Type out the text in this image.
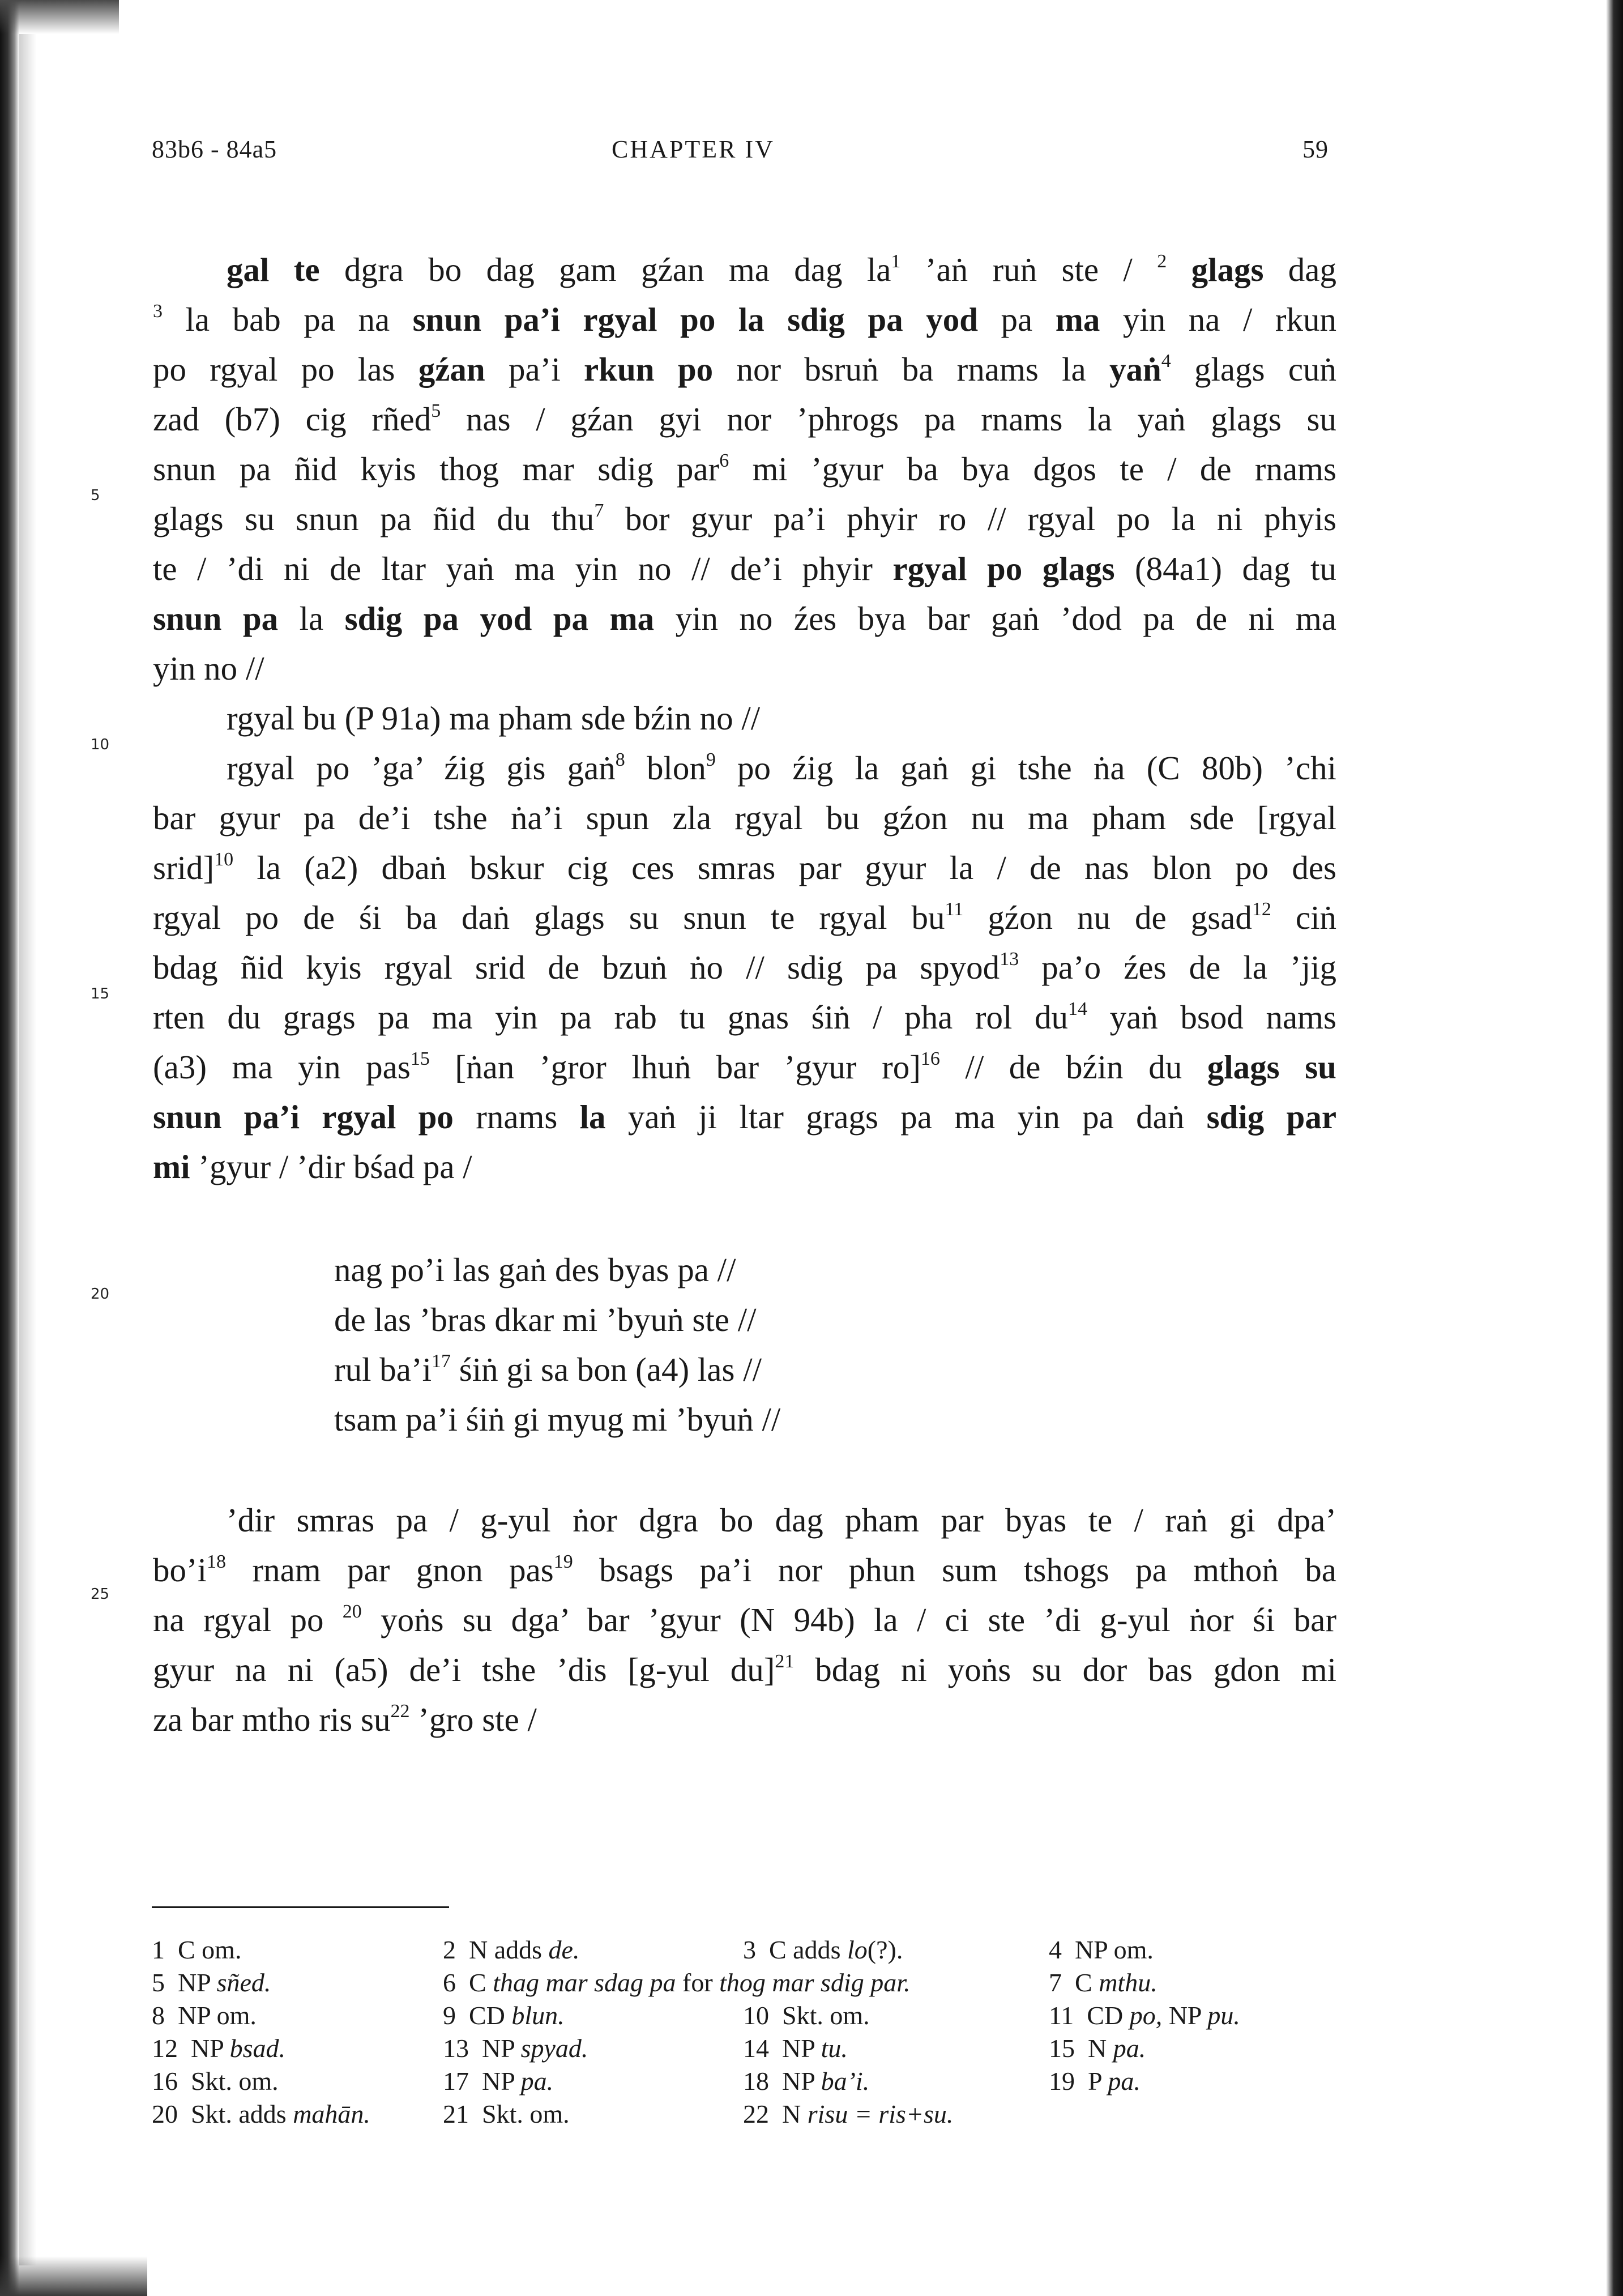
83b6 - 84a5	CHAPTER IV	59
5
10
15
20
25
gal te dgra bo dag gam gźan ma dag $la^1$ ’aṅ ruṅ ste / $^2$ glags dag
$^3$ la bab pa na snun pa’i rgyal po la sdig pa yod pa ma yin na / rkun
po rgyal po las gźan pa’i rkun po nor bsruṅ ba rnams la yaṅ$^4$ glags cuṅ
zad (b7) cig rñed$^5$ nas / gźan gyi nor ’phrogs pa rnams la yaṅ glags su
snun pa ñid kyis thog mar sdig par$^6$ mi ’gyur ba bya dgos te / de rnams
glags su snun pa ñid du thu$^7$ bor gyur pa’i phyir ro // rgyal po la ni phyis
te / ’di ni de ltar yaṅ ma yin no // de’i phyir rgyal po glags (84a1) dag tu
snun pa la sdig pa yod pa ma yin no źes bya bar gaṅ ’dod pa de ni ma
yin no //
rgyal bu (P 91a) ma pham sde bźin no //
rgyal po ’ga’ źig gis gaṅ$^8$ blon$^9$ po źig la gaṅ gi tshe ṅa (C 80b) ’chi
bar gyur pa de’i tshe ṅa’i spun zla rgyal bu gźon nu ma pham sde [rgyal
srid]$^{10}$ la (a2) dbaṅ bskur cig ces smras par gyur la / de nas blon po des
rgyal po de śi ba daṅ glags su snun te rgyal $bu^{11}$ gźon nu de gsad$^{12}$ ciṅ
bdag ñid kyis rgyal srid de bzuṅ ṅo // sdig pa spyod$^{13}$ pa’o źes de la ’jig
rten du grags pa ma yin pa rab tu gnas śiṅ / pha rol $du^{14}$ yaṅ bsod nams
(a3) ma yin pas$^{15}$ [ṅan ’gror lhuṅ bar ’gyur ro]$^{16}$ // de bźin du glags su
snun pa’i rgyal po rnams la yaṅ ji ltar grags pa ma yin pa daṅ sdig par
mi ’gyur / ’dir bśad pa /
nag po’i las gaṅ des byas pa //
de las ’bras dkar mi ’byuṅ ste //
rul $ba’i^{17}$ śiṅ gi sa bon (a4) las //
tsam pa’i śiṅ gi myug mi ’byuṅ //
’dir smras pa / g-yul ṅor dgra bo dag pham par byas te / raṅ gi dpa’
$bo’i^{18}$ rnam par gnon pas$^{19}$ bsags pa’i nor phun sum tshogs pa mthoṅ ba
na rgyal po $^{20}$ yoṅs su dga’ bar ’gyur (N 94b) la / ci ste ’di g-yul ṅor śi bar
gyur na ni (a5) de’i tshe ’dis [g-yul du]$^{21}$ bdag ni yoṅs su dor bas gdon mi
za bar mtho ris $su^{22}$ ’gro ste /
1 C om.	2 N adds de.	3 C adds lo(?).	4 NP om.
5 NP sñed.	6 C thag mar sdag pa for thog mar sdig par.	7 C mthu.
8 NP om.	9 CD blun.	10 Skt. om.	11 CD po, NP pu.
12 NP bsad.	13 NP spyad.	14 NP tu.	15 N pa.
16 Skt. om.	17 NP pa.	18 NP ba’i.	19 P pa.
20 Skt. adds mahān.	21 Skt. om.	22 N risu = ris+su.
